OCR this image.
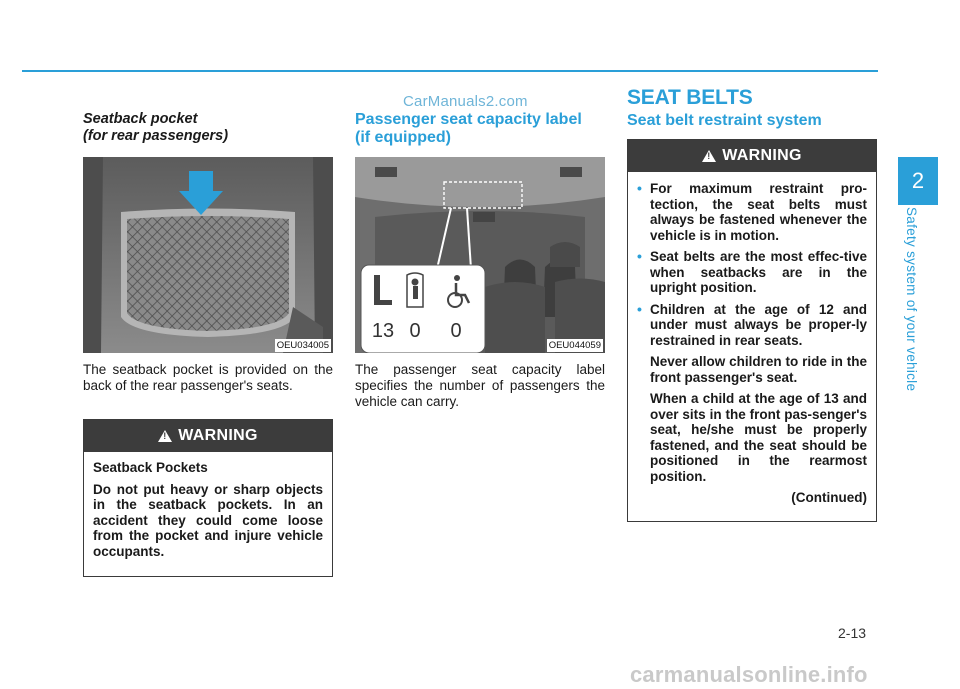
CarManuals2.com
Seatback pocket
(for rear passengers)
OEU034005
The seatback pocket is provided on the back of the rear passenger's seats.
!
WARNING
Seatback Pockets
Do not put heavy or sharp objects in the seatback pockets. In an accident they could come loose from the pocket and injure vehicle occupants.
Passenger seat capacity label
(if equipped)
13 0 0
OEU044059
The passenger seat capacity label specifies the number of passengers the vehicle can carry.
SEAT BELTS
Seat belt restraint system
!
WARNING
• For maximum restraint pro-tection, the seat belts must always be fastened whenever the vehicle is in motion.
• Seat belts are the most effec-tive when seatbacks are in the upright position.
• Children at the age of 12 and under must always be proper-ly restrained in rear seats.
Never allow children to ride in the front passenger's seat.
When a child at the age of 13 and over sits in the front pas-senger's seat, he/she must be properly fastened, and the seat should be positioned in the rearmost position.
(Continued)
2
Safety system of your vehicle
2-13
carmanualsonline.info
